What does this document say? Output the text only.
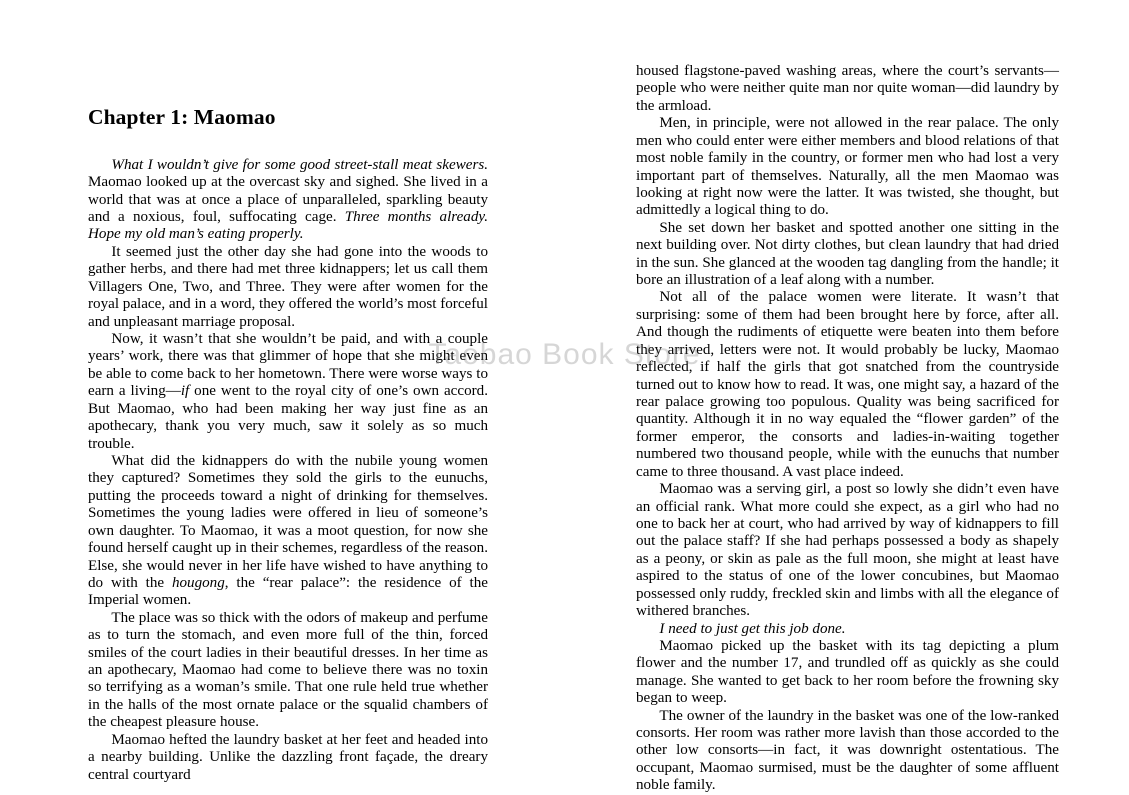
Chapter 1: Maomao

What I wouldn’t give for some good street-stall meat skewers. Maomao looked up at the overcast sky and sighed. She lived in a world that was at once a place of unparalleled, sparkling beauty and a noxious, foul, suffocating cage. Three months already. Hope my old man’s eating properly.

It seemed just the other day she had gone into the woods to gather herbs, and there had met three kidnappers; let us call them Villagers One, Two, and Three. They were after women for the royal palace, and in a word, they offered the world’s most forceful and unpleasant marriage proposal.

Now, it wasn’t that she wouldn’t be paid, and with a couple years’ work, there was that glimmer of hope that she might even be able to come back to her hometown. There were worse ways to earn a living—if one went to the royal city of one’s own accord. But Maomao, who had been making her way just fine as an apothecary, thank you very much, saw it solely as so much trouble.

What did the kidnappers do with the nubile young women they captured? Sometimes they sold the girls to the eunuchs, putting the proceeds toward a night of drinking for themselves. Sometimes the young ladies were offered in lieu of someone’s own daughter. To Maomao, it was a moot question, for now she found herself caught up in their schemes, regardless of the reason. Else, she would never in her life have wished to have anything to do with the hougong, the “rear palace”: the residence of the Imperial women.

The place was so thick with the odors of makeup and perfume as to turn the stomach, and even more full of the thin, forced smiles of the court ladies in their beautiful dresses. In her time as an apothecary, Maomao had come to believe there was no toxin so terrifying as a woman’s smile. That one rule held true whether in the halls of the most ornate palace or the squalid chambers of the cheapest pleasure house.

Maomao hefted the laundry basket at her feet and headed into a nearby building. Unlike the dazzling front façade, the dreary central courtyard

housed flagstone-paved washing areas, where the court’s servants—people who were neither quite man nor quite woman—did laundry by the armload.

Men, in principle, were not allowed in the rear palace. The only men who could enter were either members and blood relations of that most noble family in the country, or former men who had lost a very important part of themselves. Naturally, all the men Maomao was looking at right now were the latter. It was twisted, she thought, but admittedly a logical thing to do.

She set down her basket and spotted another one sitting in the next building over. Not dirty clothes, but clean laundry that had dried in the sun. She glanced at the wooden tag dangling from the handle; it bore an illustration of a leaf along with a number.

Not all of the palace women were literate. It wasn’t that surprising: some of them had been brought here by force, after all. And though the rudiments of etiquette were beaten into them before they arrived, letters were not. It would probably be lucky, Maomao reflected, if half the girls that got snatched from the countryside turned out to know how to read. It was, one might say, a hazard of the rear palace growing too populous. Quality was being sacrificed for quantity. Although it in no way equaled the “flower garden” of the former emperor, the consorts and ladies-in-waiting together numbered two thousand people, while with the eunuchs that number came to three thousand. A vast place indeed.

Maomao was a serving girl, a post so lowly she didn’t even have an official rank. What more could she expect, as a girl who had no one to back her at court, who had arrived by way of kidnappers to fill out the palace staff? If she had perhaps possessed a body as shapely as a peony, or skin as pale as the full moon, she might at least have aspired to the status of one of the lower concubines, but Maomao possessed only ruddy, freckled skin and limbs with all the elegance of withered branches.

I need to just get this job done.

Maomao picked up the basket with its tag depicting a plum flower and the number 17, and trundled off as quickly as she could manage. She wanted to get back to her room before the frowning sky began to weep.

The owner of the laundry in the basket was one of the low-ranked consorts. Her room was rather more lavish than those accorded to the other low consorts—in fact, it was downright ostentatious. The occupant, Maomao surmised, must be the daughter of some affluent noble family.

Taobao Book Store
